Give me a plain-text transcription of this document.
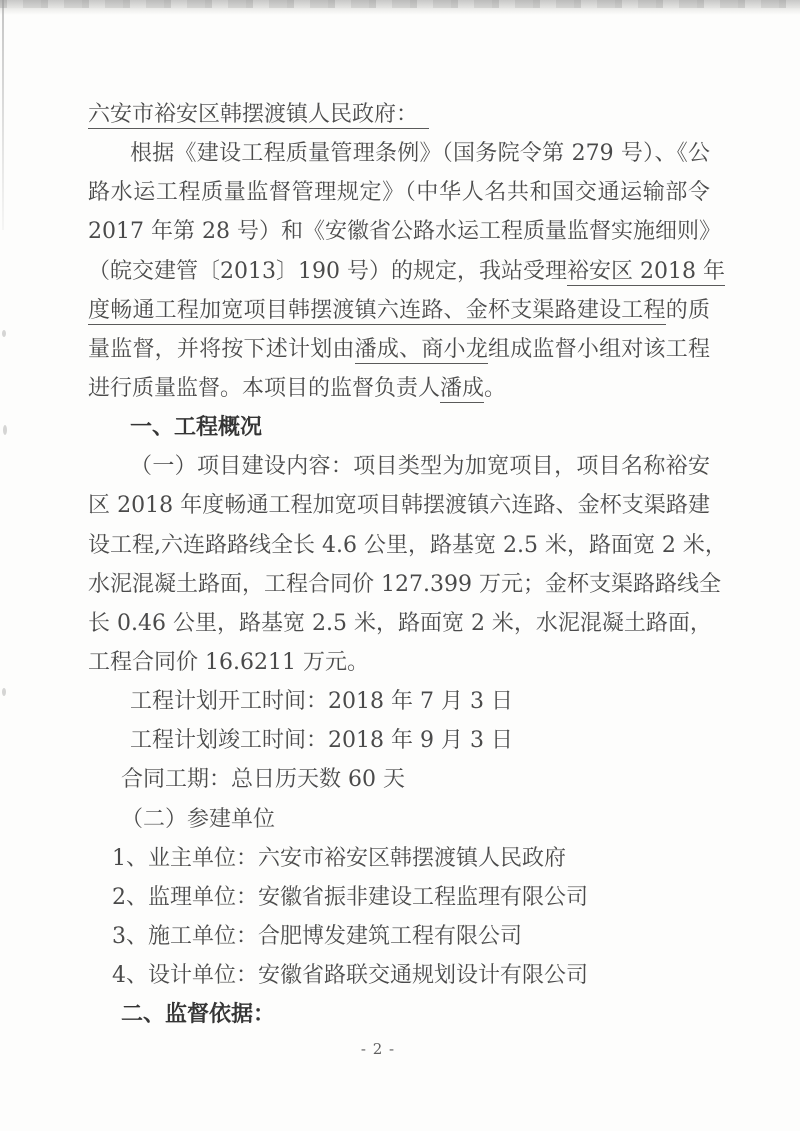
六安市裕安区韩摆渡镇人民政府：　
根据《建设工程质量管理条例》（国务院令第 279 号）、《公
路水运工程质量监督管理规定》（中华人名共和国交通运输部令
2017 年第 28 号）和《安徽省公路水运工程质量监督实施细则》
（皖交建管〔2013〕190 号）的规定，我站受理裕安区 2018 年
度畅通工程加宽项目韩摆渡镇六连路、金杯支渠路建设工程的质
量监督，并将按下述计划由潘成、商小龙组成监督小组对该工程
进行质量监督。本项目的监督负责人潘成。
一、工程概况
（一）项目建设内容：项目类型为加宽项目，项目名称裕安
区 2018 年度畅通工程加宽项目韩摆渡镇六连路、金杯支渠路建
设工程,六连路路线全长 4.6 公里，路基宽 2.5 米，路面宽 2 米，
水泥混凝土路面，工程合同价 127.399 万元；金杯支渠路路线全
长 0.46 公里，路基宽 2.5 米，路面宽 2 米，水泥混凝土路面，
工程合同价 16.6211 万元。
工程计划开工时间：2018 年 7 月 3 日
工程计划竣工时间：2018 年 9 月 3 日
合同工期：总日历天数 60 天
（二）参建单位
1、业主单位：六安市裕安区韩摆渡镇人民政府
2、监理单位：安徽省振非建设工程监理有限公司
3、施工单位：合肥博发建筑工程有限公司
4、设计单位：安徽省路联交通规划设计有限公司
二、监督依据：
- 2 -
